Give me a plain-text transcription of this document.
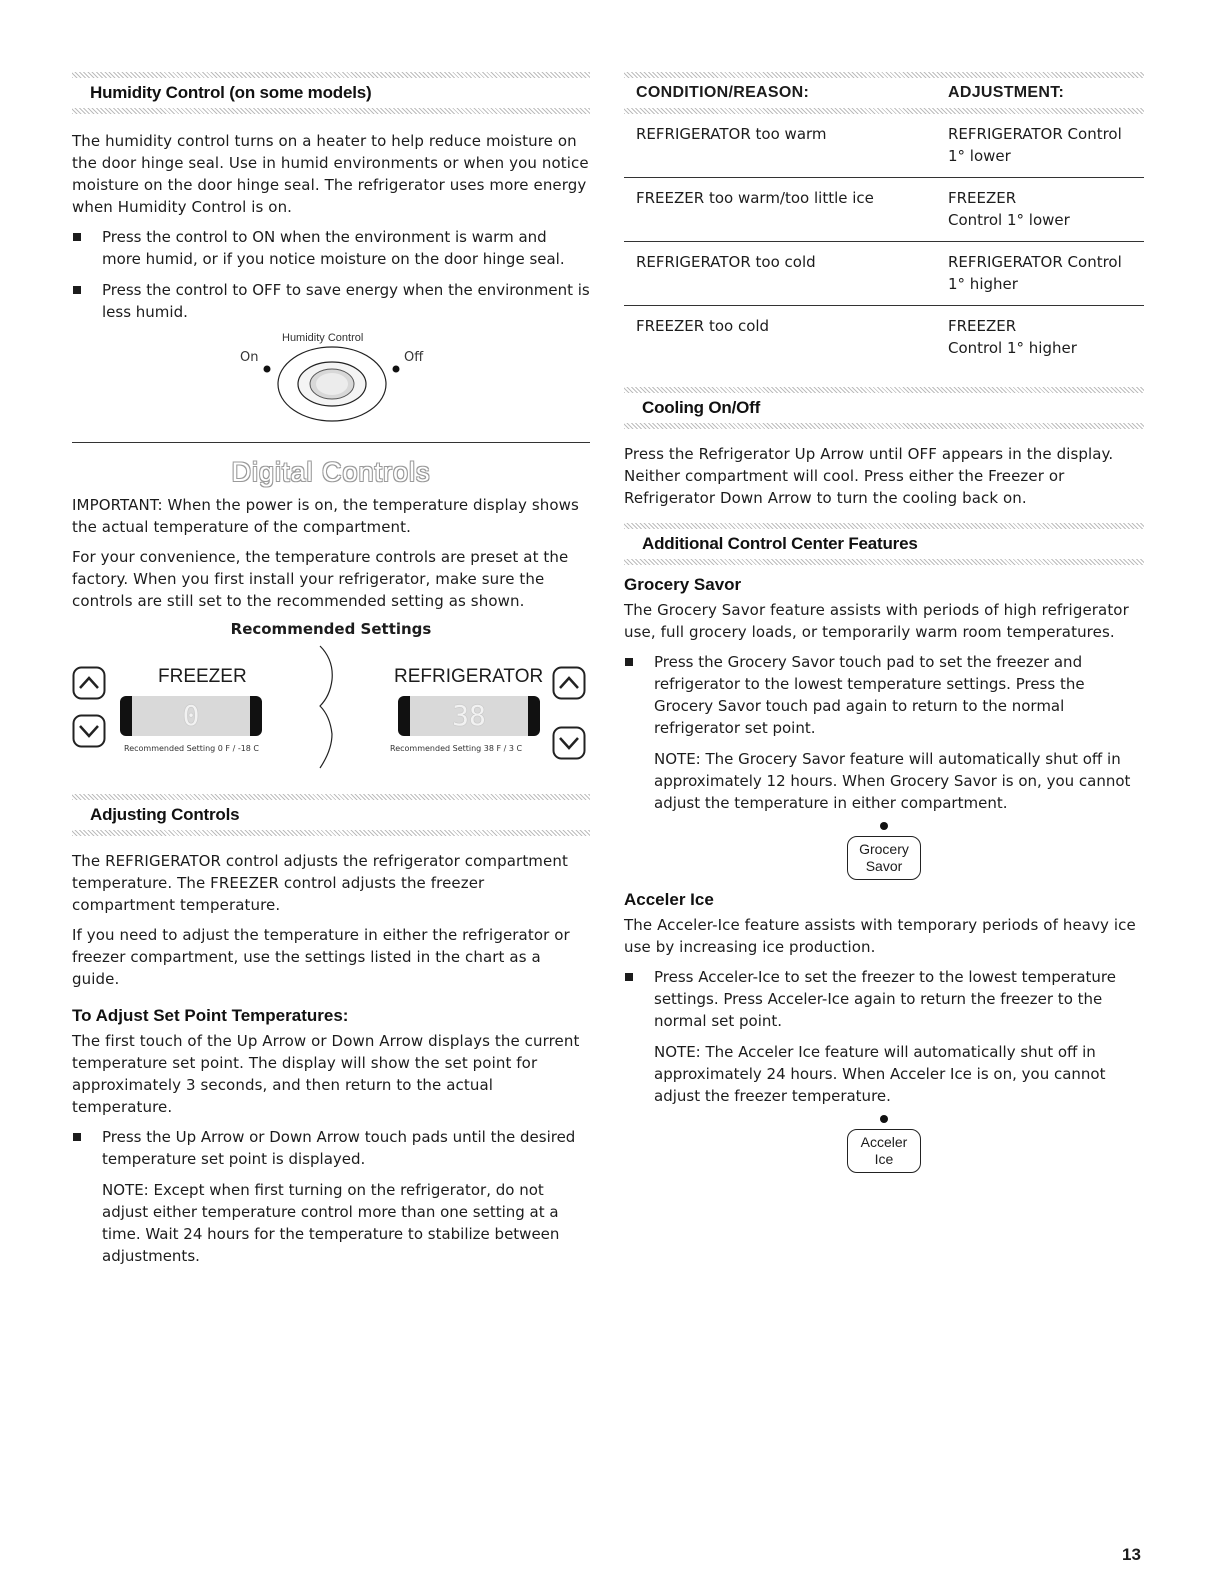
Humidity Control (on some models)

The humidity control turns on a heater to help reduce moisture on the door hinge seal. Use in humid environments or when you notice moisture on the door hinge seal. The refrigerator uses more energy when Humidity Control is on.

Press the control to ON when the environment is warm and more humid, or if you notice moisture on the door hinge seal.
Press the control to OFF to save energy when the environment is less humid.
Humidity Control
On	Off
Digital Controls

IMPORTANT: When the power is on, the temperature display shows the actual temperature of the compartment.

For your convenience, the temperature controls are preset at the factory. When you first install your refrigerator, make sure the controls are still set to the recommended setting as shown.

Recommended Settings
FREEZER
0
Recommended Setting 0 F / -18 C
REFRIGERATOR
38
Recommended Setting 38 F / 3 C
Adjusting Controls

The REFRIGERATOR control adjusts the refrigerator compartment temperature. The FREEZER control adjusts the freezer compartment temperature.

If you need to adjust the temperature in either the refrigerator or freezer compartment, use the settings listed in the chart as a guide.

To Adjust Set Point Temperatures:

The first touch of the Up Arrow or Down Arrow displays the current temperature set point. The display will show the set point for approximately 3 seconds, and then return to the actual temperature.

Press the Up Arrow or Down Arrow touch pads until the desired temperature set point is displayed.
NOTE: Except when first turning on the refrigerator, do not adjust either temperature control more than one setting at a time. Wait 24 hours for the temperature to stabilize between adjustments.
CONDITION/REASON:	ADJUSTMENT:

REFRIGERATOR too warm	REFRIGERATOR Control
1° lower

FREEZER too warm/too little ice	FREEZER
Control 1° lower

REFRIGERATOR too cold	REFRIGERATOR Control
1° higher

FREEZER too cold	FREEZER
Control 1° higher
Cooling On/Off

Press the Refrigerator Up Arrow until OFF appears in the display. Neither compartment will cool. Press either the Freezer or Refrigerator Down Arrow to turn the cooling back on.

Additional Control Center Features
Grocery Savor

The Grocery Savor feature assists with periods of high refrigerator use, full grocery loads, or temporarily warm room temperatures.

Press the Grocery Savor touch pad to set the freezer and refrigerator to the lowest temperature settings. Press the Grocery Savor touch pad again to return to the normal refrigerator set point.
NOTE: The Grocery Savor feature will automatically shut off in approximately 12 hours. When Grocery Savor is on, you cannot adjust the temperature in either compartment.
Grocery
Savor
Acceler Ice

The Acceler-Ice feature assists with temporary periods of heavy ice use by increasing ice production.

Press Acceler-Ice to set the freezer to the lowest temperature settings. Press Acceler-Ice again to return the freezer to the normal set point.
NOTE: The Acceler Ice feature will automatically shut off in approximately 24 hours. When Acceler Ice is on, you cannot adjust the freezer temperature.
Acceler
Ice
13
